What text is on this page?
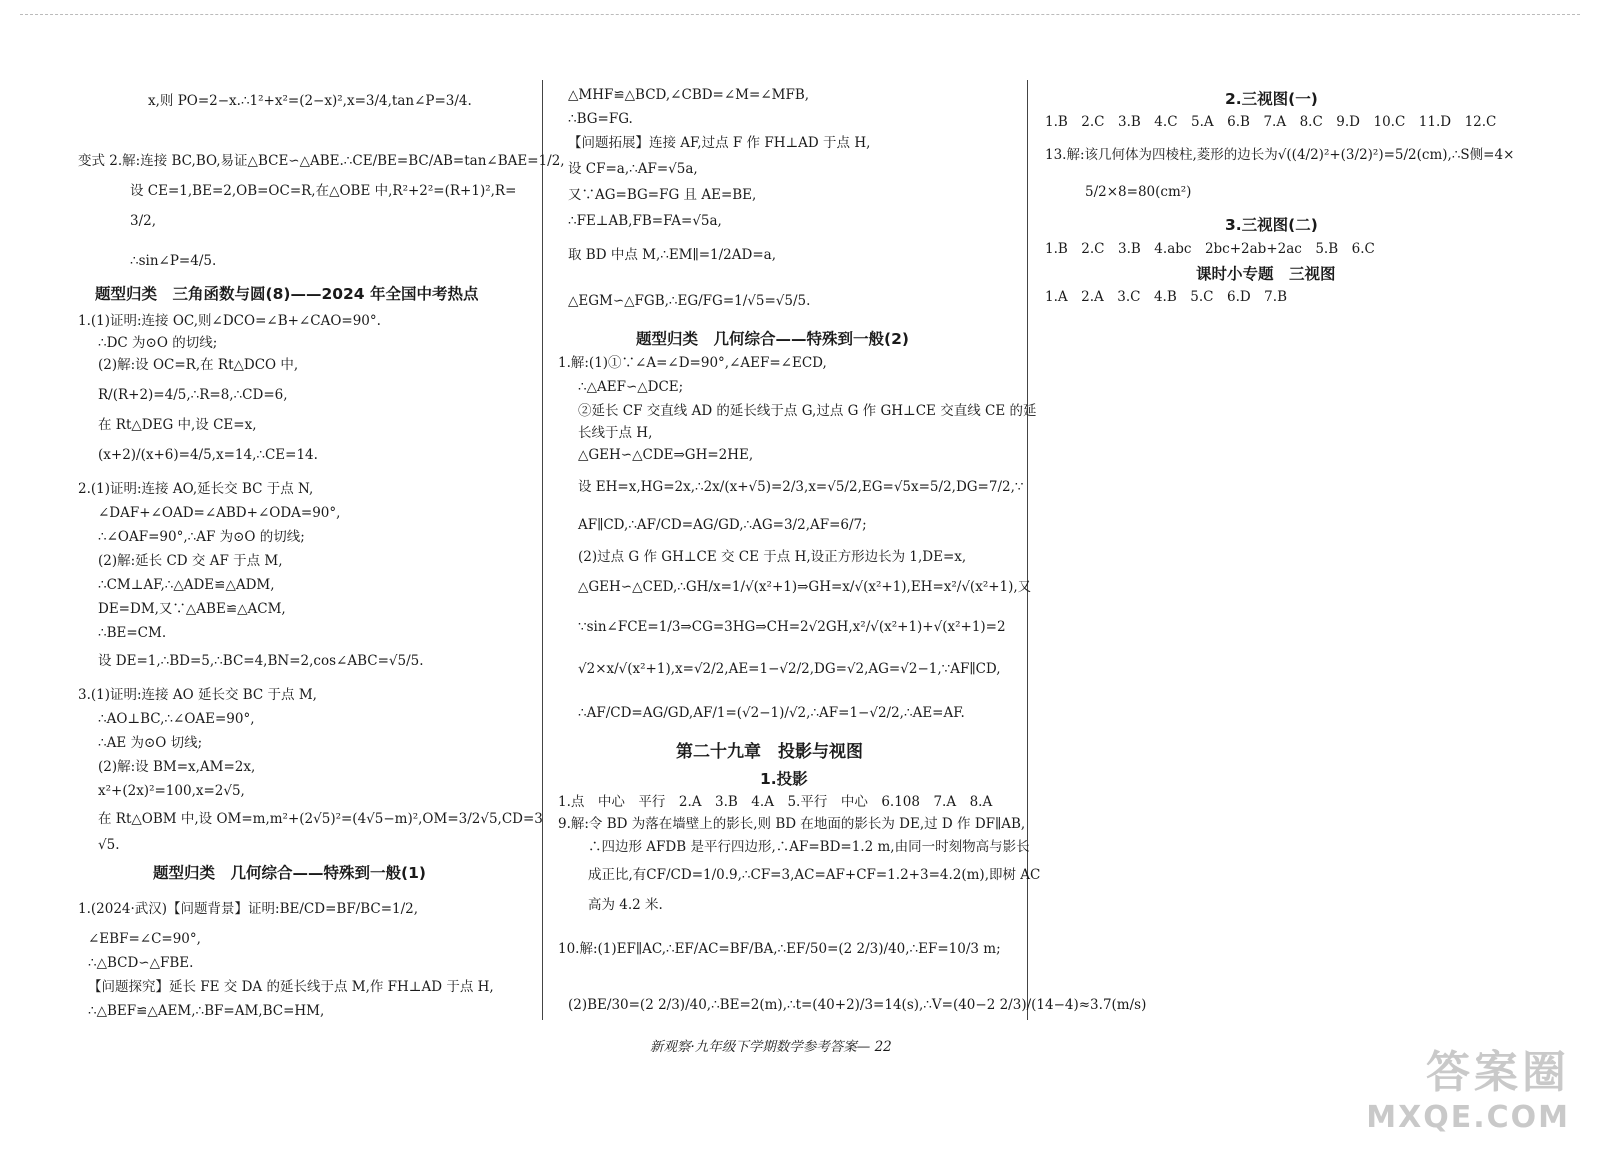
x,则 PO=2−x.∴1²+x²=(2−x)²,x=3/4,tan∠P=3/4.
变式 2.解:连接 BC,BO,易证△BCE∽△ABE.∴CE/BE=BC/AB=tan∠BAE=1/2,
设 CE=1,BE=2,OB=OC=R,在△OBE 中,R²+2²=(R+1)²,R=
3/2,
∴sin∠P=4/5.
题型归类　三角函数与圆(8)——2024 年全国中考热点
1.(1)证明:连接 OC,则∠DCO=∠B+∠CAO=90°.
∴DC 为⊙O 的切线;
(2)解:设 OC=R,在 Rt△DCO 中,
R/(R+2)=4/5,∴R=8,∴CD=6,
在 Rt△DEG 中,设 CE=x,
(x+2)/(x+6)=4/5,x=14,∴CE=14.
2.(1)证明:连接 AO,延长交 BC 于点 N,
∠DAF+∠OAD=∠ABD+∠ODA=90°,
∴∠OAF=90°,∴AF 为⊙O 的切线;
(2)解:延长 CD 交 AF 于点 M,
∴CM⊥AF,∴△ADE≌△ADM,
DE=DM,又∵△ABE≌△ACM,
∴BE=CM.
设 DE=1,∴BD=5,∴BC=4,BN=2,cos∠ABC=√5/5.
3.(1)证明:连接 AO 延长交 BC 于点 M,
∴AO⊥BC,∴∠OAE=90°,
∴AE 为⊙O 切线;
(2)解:设 BM=x,AM=2x,
x²+(2x)²=100,x=2√5,
在 Rt△OBM 中,设 OM=m,m²+(2√5)²=(4√5−m)²,OM=3/2√5,CD=3
√5.
题型归类　几何综合——特殊到一般(1)
1.(2024·武汉)【问题背景】证明:BE/CD=BF/BC=1/2,
∠EBF=∠C=90°,
∴△BCD∽△FBE.
【问题探究】延长 FE 交 DA 的延长线于点 M,作 FH⊥AD 于点 H,
∴△BEF≌△AEM,∴BF=AM,BC=HM,
△MHF≌△BCD,∠CBD=∠M=∠MFB,
∴BG=FG.
【问题拓展】连接 AF,过点 F 作 FH⊥AD 于点 H,
设 CF=a,∴AF=√5a,
又∵AG=BG=FG 且 AE=BE,
∴FE⊥AB,FB=FA=√5a,
取 BD 中点 M,∴EM∥=1/2AD=a,
△EGM∽△FGB,∴EG/FG=1/√5=√5/5.
题型归类　几何综合——特殊到一般(2)
1.解:(1)①∵∠A=∠D=90°,∠AEF=∠ECD,
∴△AEF∽△DCE;
②延长 CF 交直线 AD 的延长线于点 G,过点 G 作 GH⊥CE 交直线 CE 的延
长线于点 H,
△GEH∽△CDE⇒GH=2HE,
设 EH=x,HG=2x,∴2x/(x+√5)=2/3,x=√5/2,EG=√5x=5/2,DG=7/2,∵
AF∥CD,∴AF/CD=AG/GD,∴AG=3/2,AF=6/7;
(2)过点 G 作 GH⊥CE 交 CE 于点 H,设正方形边长为 1,DE=x,
△GEH∽△CED,∴GH/x=1/√(x²+1)⇒GH=x/√(x²+1),EH=x²/√(x²+1),又
∵sin∠FCE=1/3⇒CG=3HG⇒CH=2√2GH,x²/√(x²+1)+√(x²+1)=2
√2×x/√(x²+1),x=√2/2,AE=1−√2/2,DG=√2,AG=√2−1,∵AF∥CD,
∴AF/CD=AG/GD,AF/1=(√2−1)/√2,∴AF=1−√2/2,∴AE=AF.
第二十九章　投影与视图
1.投影
1.点　中心　平行　2.A　3.B　4.A　5.平行　中心　6.108　7.A　8.A
9.解:令 BD 为落在墙壁上的影长,则 BD 在地面的影长为 DE,过 D 作 DF∥AB,
∴四边形 AFDB 是平行四边形,∴AF=BD=1.2 m,由同一时刻物高与影长
成正比,有CF/CD=1/0.9,∴CF=3,AC=AF+CF=1.2+3=4.2(m),即树 AC
高为 4.2 米.
10.解:(1)EF∥AC,∴EF/AC=BF/BA,∴EF/50=(2 2/3)/40,∴EF=10/3 m;
(2)BE/30=(2 2/3)/40,∴BE=2(m),∴t=(40+2)/3=14(s),∴V=(40−2 2/3)/(14−4)≈3.7(m/s)
2.三视图(一)
1.B　2.C　3.B　4.C　5.A　6.B　7.A　8.C　9.D　10.C　11.D　12.C
13.解:该几何体为四棱柱,菱形的边长为√((4/2)²+(3/2)²)=5/2(cm),∴S侧=4×
5/2×8=80(cm²)
3.三视图(二)
1.B　2.C　3.B　4.abc　2bc+2ab+2ac　5.B　6.C
课时小专题　三视图
1.A　2.A　3.C　4.B　5.C　6.D　7.B
新观察·九年级下学期数学参考答案— 22	答案圈
MXQE.COM
